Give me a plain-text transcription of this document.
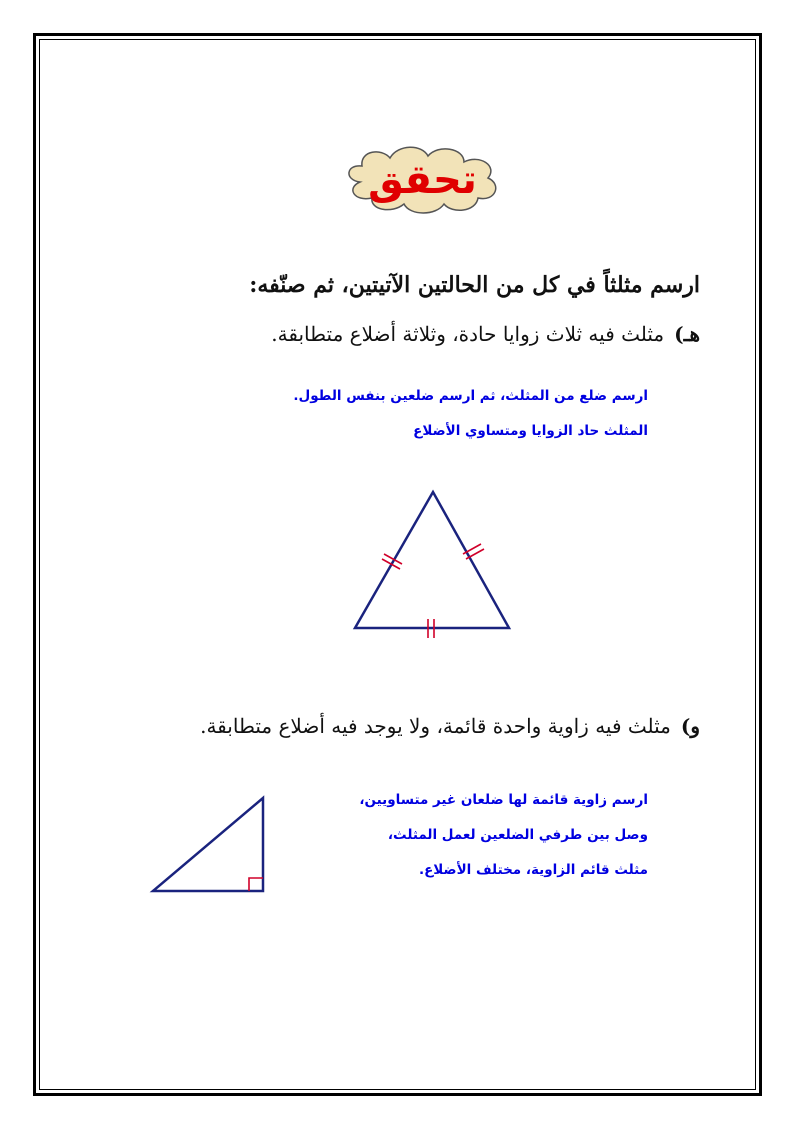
تحقق
ارسم مثلثاً في كل من الحالتين الآتيتين، ثم صنّفه:
هـ)مثلث فيه ثلاث زوايا حادة، وثلاثة أضلاع متطابقة.
ارسم ضلع من المثلث، ثم ارسم ضلعين بنفس الطول.
المثلث حاد الزوايا ومتساوي الأضلاع
و)مثلث فيه زاوية واحدة قائمة، ولا يوجد فيه أضلاع متطابقة.
ارسم زاوية قائمة لها ضلعان غير متساويين،
وصل بين طرفي الضلعين لعمل المثلث،
مثلث قائم الزاوية، مختلف الأضلاع.
